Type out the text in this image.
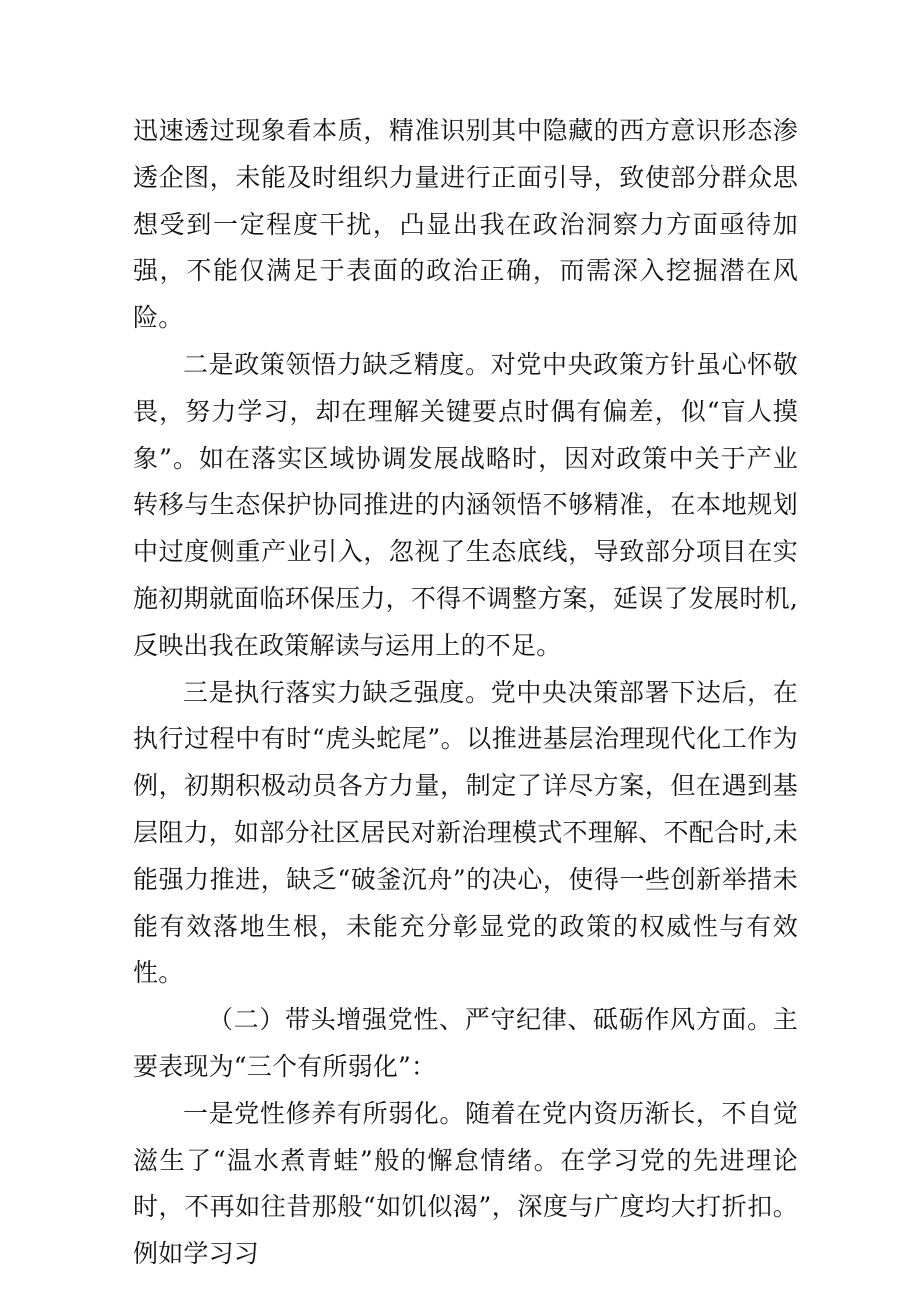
迅速透过现象看本质，精准识别其中隐藏的西方意识形态渗透企图，未能及时组织力量进行正面引导，致使部分群众思想受到一定程度干扰，凸显出我在政治洞察力方面亟待加强，不能仅满足于表面的政治正确，而需深入挖掘潜在风险。

二是政策领悟力缺乏精度。对党中央政策方针虽心怀敬畏，努力学习，却在理解关键要点时偶有偏差，似“盲人摸象”。如在落实区域协调发展战略时，因对政策中关于产业转移与生态保护协同推进的内涵领悟不够精准，在本地规划中过度侧重产业引入，忽视了生态底线，导致部分项目在实施初期就面临环保压力，不得不调整方案，延误了发展时机,反映出我在政策解读与运用上的不足。

三是执行落实力缺乏强度。党中央决策部署下达后，在执行过程中有时“虎头蛇尾”。以推进基层治理现代化工作为例，初期积极动员各方力量，制定了详尽方案，但在遇到基层阻力，如部分社区居民对新治理模式不理解、不配合时,未能强力推进，缺乏“破釜沉舟”的决心，使得一些创新举措未能有效落地生根，未能充分彰显党的政策的权威性与有效性。

（二）带头增强党性、严守纪律、砥砺作风方面。主要表现为“三个有所弱化”：

一是党性修养有所弱化。随着在党内资历渐长，不自觉滋生了“温水煮青蛙”般的懈怠情绪。在学习党的先进理论时，不再如往昔那般“如饥似渴”，深度与广度均大打折扣。例如学习习
